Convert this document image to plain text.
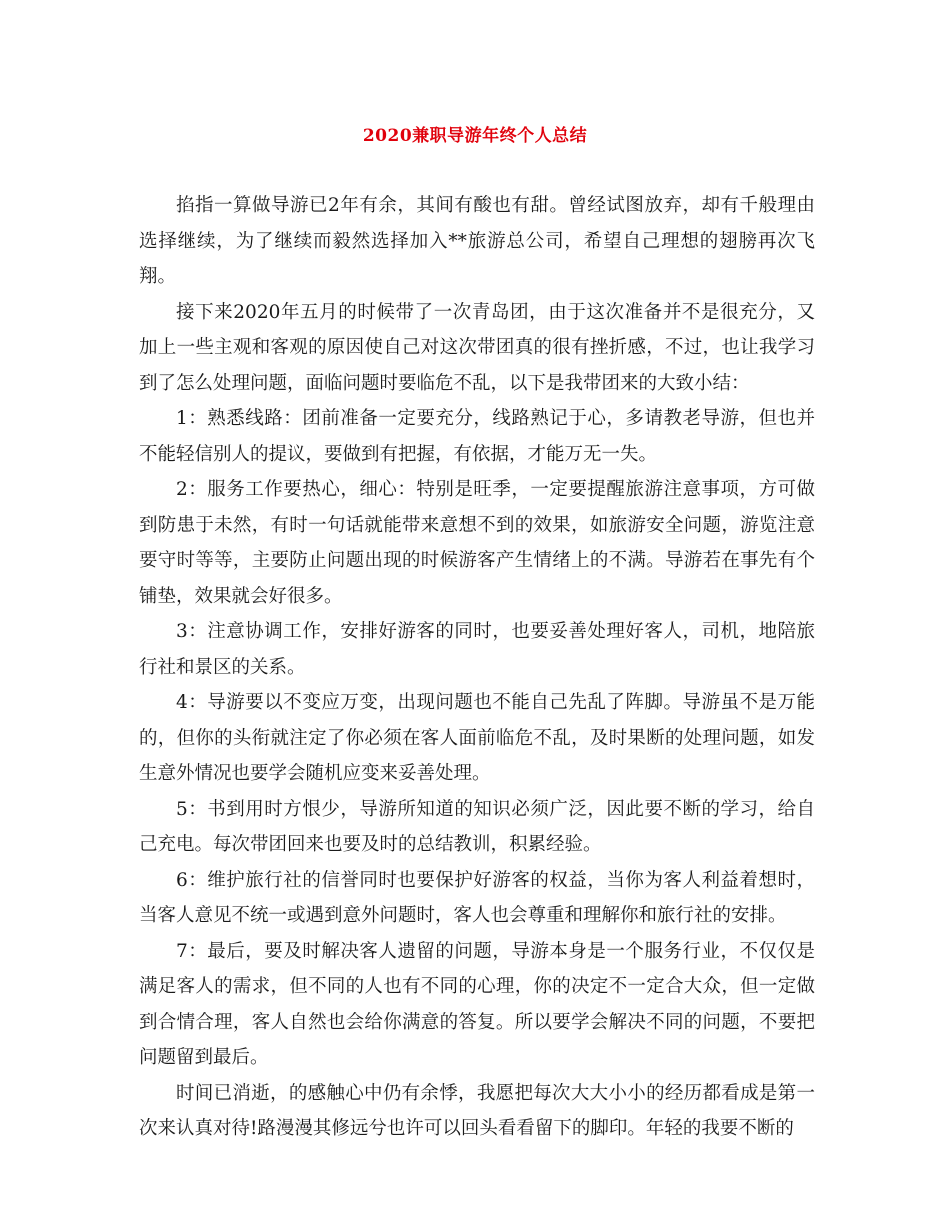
2020兼职导游年终个人总结

掐指一算做导游已2年有余，其间有酸也有甜。曾经试图放弃，却有千般理由选择继续，为了继续而毅然选择加入**旅游总公司，希望自己理想的翅膀再次飞翔。

接下来2020年五月的时候带了一次青岛团，由于这次准备并不是很充分，又加上一些主观和客观的原因使自己对这次带团真的很有挫折感，不过，也让我学习到了怎么处理问题，面临问题时要临危不乱，以下是我带团来的大致小结：

1：熟悉线路：团前准备一定要充分，线路熟记于心，多请教老导游，但也并不能轻信别人的提议，要做到有把握，有依据，才能万无一失。

2：服务工作要热心，细心：特别是旺季，一定要提醒旅游注意事项，方可做到防患于未然，有时一句话就能带来意想不到的效果，如旅游安全问题，游览注意要守时等等，主要防止问题出现的时候游客产生情绪上的不满。导游若在事先有个铺垫，效果就会好很多。

3：注意协调工作，安排好游客的同时，也要妥善处理好客人，司机，地陪旅行社和景区的关系。

4：导游要以不变应万变，出现问题也不能自己先乱了阵脚。导游虽不是万能的，但你的头衔就注定了你必须在客人面前临危不乱，及时果断的处理问题，如发生意外情况也要学会随机应变来妥善处理。

5：书到用时方恨少，导游所知道的知识必须广泛，因此要不断的学习，给自己充电。每次带团回来也要及时的总结教训，积累经验。

6：维护旅行社的信誉同时也要保护好游客的权益，当你为客人利益着想时，当客人意见不统一或遇到意外问题时，客人也会尊重和理解你和旅行社的安排。

7：最后，要及时解决客人遗留的问题，导游本身是一个服务行业，不仅仅是满足客人的需求，但不同的人也有不同的心理，你的决定不一定合大众，但一定做到合情合理，客人自然也会给你满意的答复。所以要学会解决不同的问题，不要把问题留到最后。

时间已消逝，的感触心中仍有余悸，我愿把每次大大小小的经历都看成是第一次来认真对待!路漫漫其修远兮也许可以回头看看留下的脚印。年轻的我要不断的
